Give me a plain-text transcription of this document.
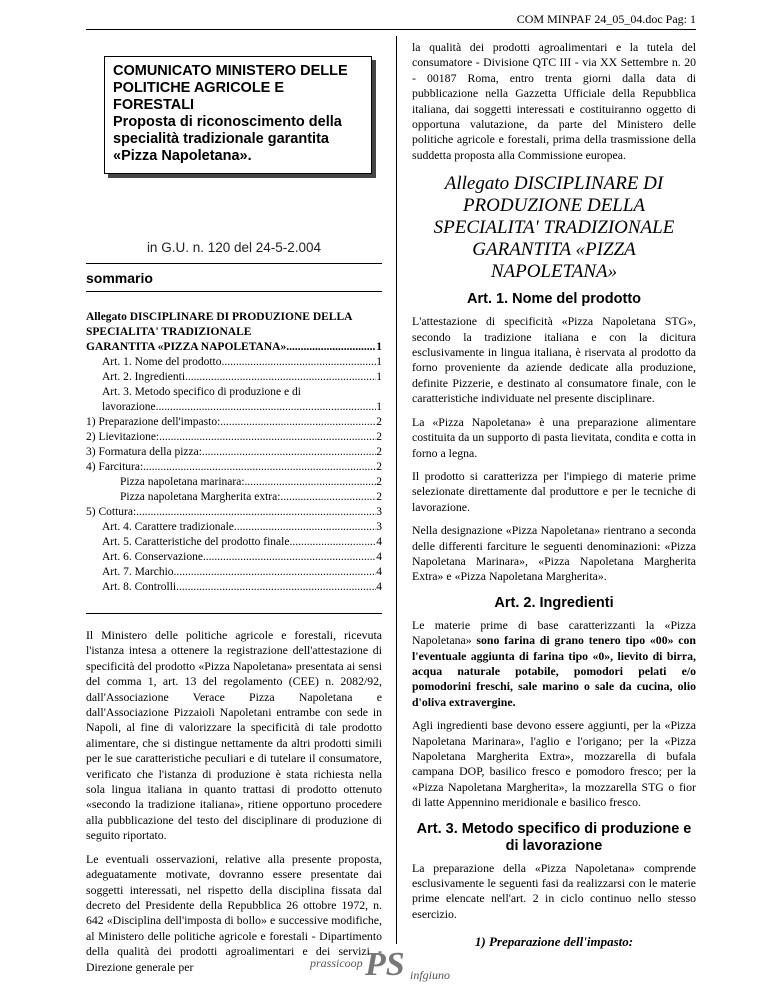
COM MINPAF 24_05_04.doc Pag: 1
COMUNICATO MINISTERO DELLE POLITICHE AGRICOLE E FORESTALI
Proposta di riconoscimento della specialità tradizionale garantita «Pizza Napoletana».
in G.U. n. 120 del 24-5-2.004
sommario
Allegato DISCIPLINARE DI PRODUZIONE DELLA SPECIALITA' TRADIZIONALE
GARANTITA «PIZZA NAPOLETANA» .....	1
Art. 1. Nome del prodotto .....	1
Art. 2. Ingredienti .....	1
Art. 3. Metodo specifico di produzione e di
lavorazione .....	1
1) Preparazione dell'impasto: .....	2
2) Lievitazione: .....	2
3) Formatura della pizza: .....	2
4) Farcitura: .....	2
Pizza napoletana marinara: .....	2
Pizza napoletana Margherita extra: .....	2
5) Cottura: .....	3
Art. 4. Carattere tradizionale .....	3
Art. 5. Caratteristiche del prodotto finale .....	4
Art. 6. Conservazione .....	4
Art. 7. Marchio .....	4
Art. 8. Controlli .....	4

Il Ministero delle politiche agricole e forestali, ricevuta l'istanza intesa a ottenere la registrazione dell'attestazione di specificità del prodotto «Pizza Napoletana» presentata ai sensi del comma 1, art. 13 del regolamento (CEE) n. 2082/92, dall'Associazione Verace Pizza Napoletana e dall'Associazione Pizzaioli Napoletani entrambe con sede in Napoli, al fine di valorizzare la specificità di tale prodotto alimentare, che si distingue nettamente da altri prodotti simili per le sue caratteristiche peculiari e di tutelare il consumatore, verificato che l'istanza di produzione è stata richiesta nella sola lingua italiana in quanto trattasi di prodotto ottenuto «secondo la tradizione italiana», ritiene opportuno procedere alla pubblicazione del testo del disciplinare di produzione di seguito riportato.

Le eventuali osservazioni, relative alla presente proposta, adeguatamente motivate, dovranno essere presentate dai soggetti interessati, nel rispetto della disciplina fissata dal decreto del Presidente della Repubblica 26 ottobre 1972, n. 642 «Disciplina dell'imposta di bollo» e successive modifiche, al Ministero delle politiche agricole e forestali - Dipartimento della qualità dei prodotti agroalimentari e dei servizi - Direzione generale per

la qualità dei prodotti agroalimentari e la tutela del consumatore - Divisione QTC III - via XX Settembre n. 20 - 00187 Roma, entro trenta giorni dalla data di pubblicazione nella Gazzetta Ufficiale della Repubblica italiana, dai soggetti interessati e costituiranno oggetto di opportuna valutazione, da parte del Ministero delle politiche agricole e forestali, prima della trasmissione della suddetta proposta alla Commissione europea.

Allegato DISCIPLINARE DI PRODUZIONE DELLA SPECIALITA' TRADIZIONALE GARANTITA «PIZZA NAPOLETANA»
Art. 1. Nome del prodotto

L'attestazione di specificità «Pizza Napoletana STG», secondo la tradizione italiana e con la dicitura esclusivamente in lingua italiana, è riservata al prodotto da forno proveniente da aziende dedicate alla produzione, definite Pizzerie, e destinato al consumatore finale, con le caratteristiche individuate nel presente disciplinare.

La «Pizza Napoletana» è una preparazione alimentare costituita da un supporto di pasta lievitata, condita e cotta in forno a legna.

Il prodotto si caratterizza per l'impiego di materie prime selezionate direttamente dal produttore e per le tecniche di lavorazione.

Nella designazione «Pizza Napoletana» rientrano a seconda delle differenti farciture le seguenti denominazioni: «Pizza Napoletana Marinara», «Pizza Napoletana Margherita Extra» e «Pizza Napoletana Margherita».

Art. 2. Ingredienti

Le materie prime di base caratterizzanti la «Pizza Napoletana» sono farina di grano tenero tipo «00» con l'eventuale aggiunta di farina tipo «0», lievito di birra, acqua naturale potabile, pomodori pelati e/o pomodorini freschi, sale marino o sale da cucina, olio d'oliva extravergine.

Agli ingredienti base devono essere aggiunti, per la «Pizza Napoletana Marinara», l'aglio e l'origano; per la «Pizza Napoletana Margherita Extra», mozzarella di bufala campana DOP, basilico fresco e pomodoro fresco; per la «Pizza Napoletana Margherita», la mozzarella STG o fior di latte Appennino meridionale e basilico fresco.

Art. 3. Metodo specifico di produzione e di lavorazione

La preparazione della «Pizza Napoletana» comprende esclusivamente le seguenti fasi da realizzarsi con le materie prime elencate nell'art. 2 in ciclo continuo nello stesso esercizio.

1) Preparazione dell'impasto:
prassicoop PS infgiuno
